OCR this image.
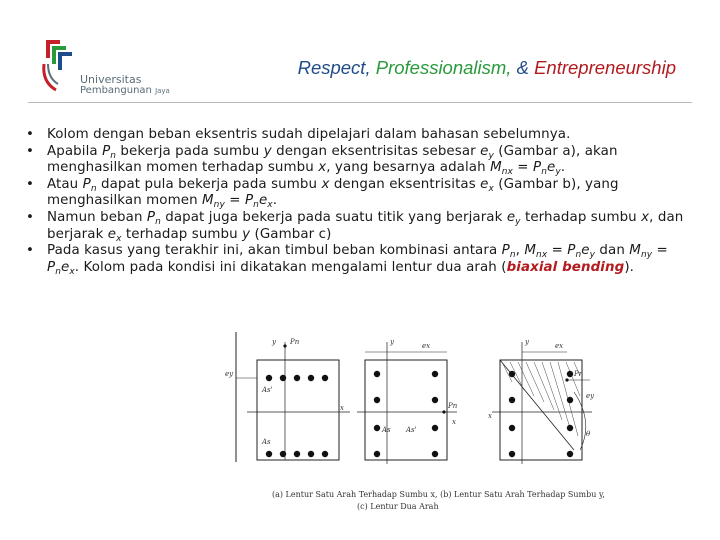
Universitas
Pembangunan Jaya
Respect, Professionalism, & Entrepreneurship
• Kolom dengan beban eksentris sudah dipelajari dalam bahasan sebelumnya.
• Apabila $P_n$ bekerja pada sumbu y dengan eksentrisitas sebesar $e_y$ (Gambar a), akan menghasilkan momen terhadap sumbu x, yang besarnya adalah $M_{nx} = P_ne_y$.
• Atau $P_n$ dapat pula bekerja pada sumbu x dengan eksentrisitas $e_x$ (Gambar b), yang menghasilkan momen $M_{ny} = P_ne_x$.
• Namun beban $P_n$ dapat juga bekerja pada suatu titik yang berjarak $e_y$ terhadap sumbu x, dan berjarak $e_x$ terhadap sumbu y (Gambar c)
• Pada kasus yang terakhir ini, akan timbul beban kombinasi antara $P_n$, $M_{nx} = P_ne_y$ dan $M_{ny} = P_ne_x$. Kolom pada kondisi ini dikatakan mengalami lentur dua arah (biaxial bending).
y Pn
ey
x
As'
As
y	ex
Pn
x
As As'
y	ex
Pn
ey
x
θ
(a) Lentur Satu Arah Terhadap Sumbu x, (b) Lentur Satu Arah Terhadap Sumbu y,
(c) Lentur Dua Arah
